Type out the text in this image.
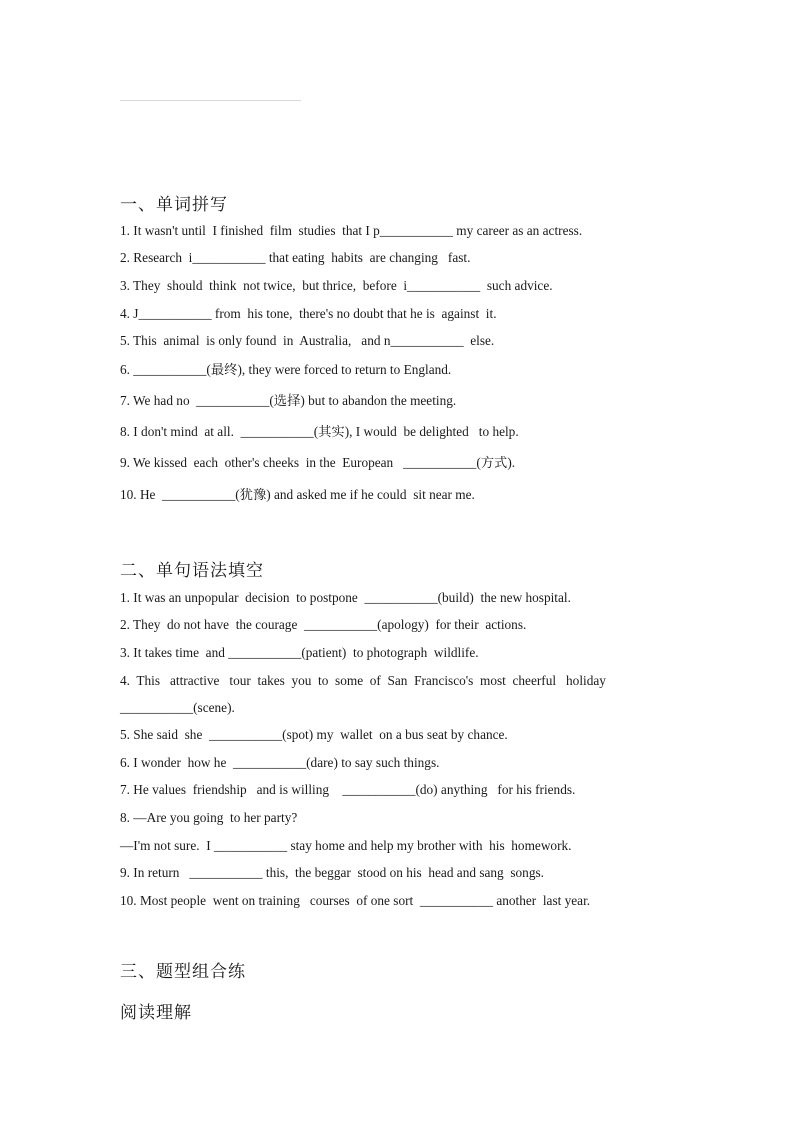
一、单词拼写
1. It wasn't until  I finished  film  studies  that I p___________ my career as an actress.
2. Research  i___________ that eating  habits  are changing   fast.
3. They  should  think  not twice,  but thrice,  before  i___________  such advice.
4. J___________ from  his tone,  there's no doubt that he is  against  it.
5. This  animal  is only found  in  Australia,   and n___________  else.
6. ___________(最终), they were forced to return to England.
7. We had no  ___________(选择) but to abandon the meeting.
8. I don't mind  at all.  ___________(其实), I would  be delighted   to help.
9. We kissed  each  other's cheeks  in the  European   ___________(方式).
10. He  ___________(犹豫) and asked me if he could  sit near me.
二、单句语法填空
1. It was an unpopular  decision  to postpone  ___________(build)  the new hospital.
2. They  do not have  the courage  ___________(apology)  for their  actions.
3. It takes time  and ___________(patient)  to photograph  wildlife.
4.  This   attractive   tour  takes  you  to  some  of  San  Francisco's  most  cheerful   holiday
___________(scene).
5. She said  she  ___________(spot) my  wallet  on a bus seat by chance.
6. I wonder  how he  ___________(dare) to say such things.
7. He values  friendship   and is willing    ___________(do) anything   for his friends.
8. —Are you going  to her party?
—I'm not sure.  I ___________ stay home and help my brother with  his  homework.
9. In return   ___________ this,  the beggar  stood on his  head and sang  songs.
10. Most people  went on training   courses  of one sort  ___________ another  last year.
三、题型组合练
阅读理解
